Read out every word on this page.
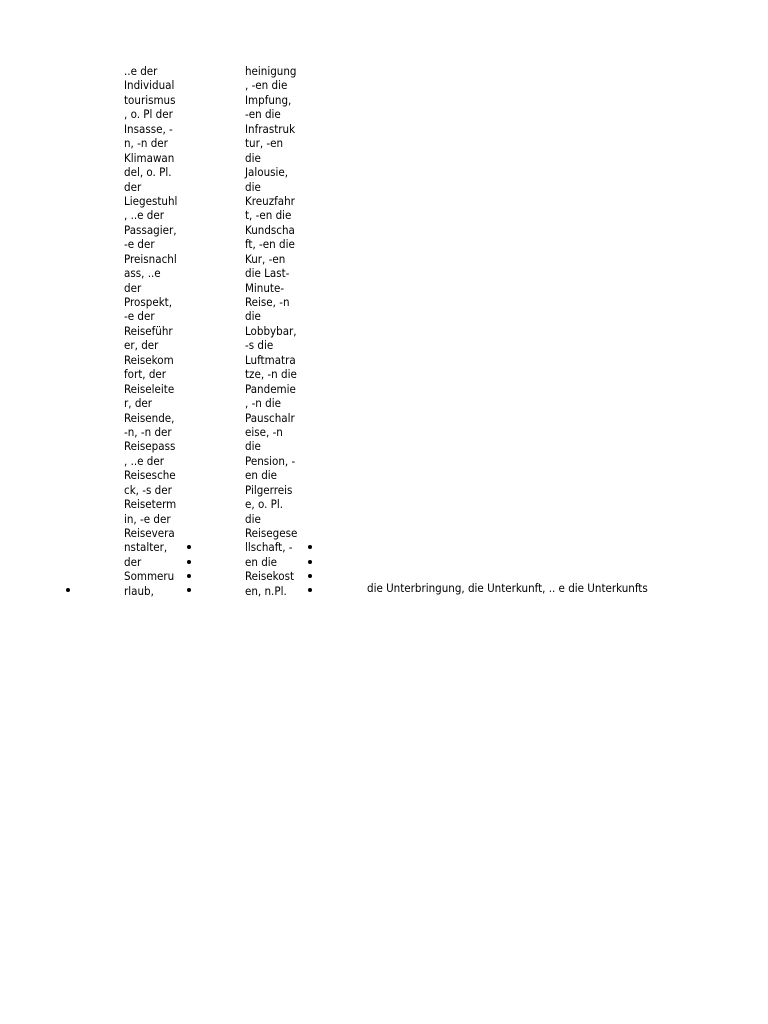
..e der
Individual
tourismus
, o. Pl der
Insasse, -
n, -n der
Klimawan
del, o. Pl.
der
Liegestuhl
, ..e der
Passagier,
-e der
Preisnachl
ass, ..e
der
Prospekt,
-e der
Reiseführ
er, der
Reisekom
fort, der
Reiseleite
r, der
Reisende,
-n, -n der
Reisepass
, ..e der
Reisesche
ck, -s der
Reiseterm
in, -e der
Reisevera
nstalter,
der
Sommeru
rlaub,
heinigung
, -en die
Impfung,
-en die
Infrastruk
tur, -en
die
Jalousie,
die
Kreuzfahr
t, -en die
Kundscha
ft, -en die
Kur, -en
die Last-
Minute-
Reise, -n
die
Lobbybar,
-s die
Luftmatra
tze, -n die
Pandemie
, -n die
Pauschalr
eise, -n
die
Pension, -
en die
Pilgerreis
e, o. Pl.
die
Reisegese
llschaft, -
en die
Reisekost
en, n.Pl.	die Unterbringung, die Unterkunft, .. e die Unterkunfts
